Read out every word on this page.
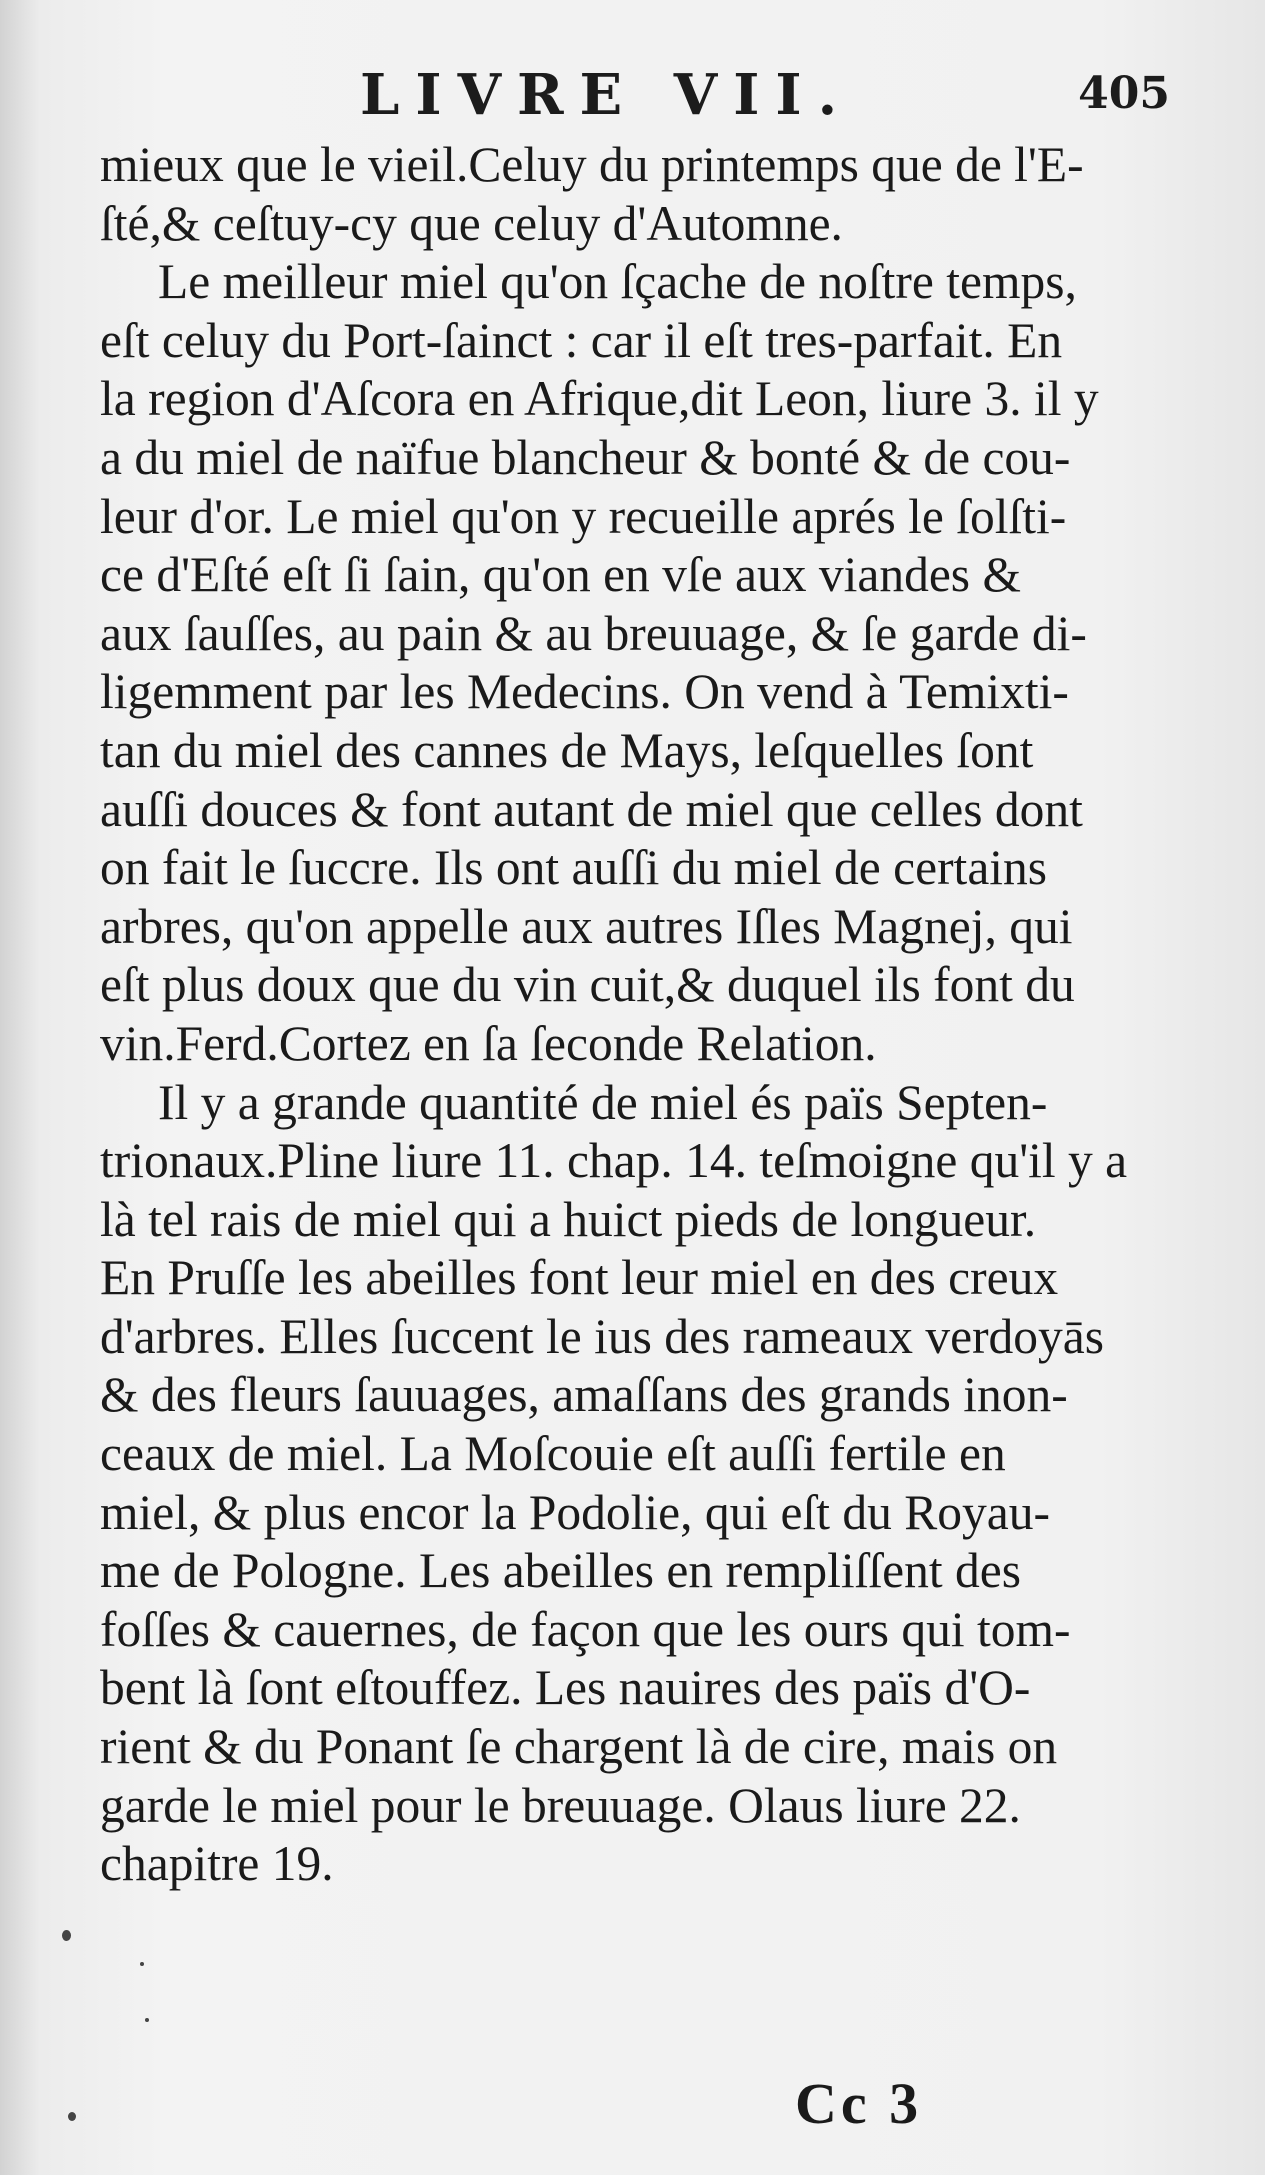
LIVRE VII.	405
mieux que le vieil.Celuy du printemps que de l'E-
ſté,& ceſtuy-cy que celuy d'Automne.
Le meilleur miel qu'on ſçache de noſtre temps,
eſt celuy du Port-ſainct : car il eſt tres-parfait. En
la region d'Aſcora en Afrique,dit Leon, liure 3. il y
a du miel de naïfue blancheur & bonté & de cou-
leur d'or. Le miel qu'on y recueille aprés le ſolſti-
ce d'Eſté eſt ſi ſain, qu'on en vſe aux viandes &
aux ſauſſes, au pain & au breuuage, & ſe garde di-
ligemment par les Medecins. On vend à Temixti-
tan du miel des cannes de Mays, leſquelles ſont
auſſi douces & font autant de miel que celles dont
on fait le ſuccre. Ils ont auſſi du miel de certains
arbres, qu'on appelle aux autres Iſles Magnej, qui
eſt plus doux que du vin cuit,& duquel ils font du
vin.Ferd.Cortez en ſa ſeconde Relation.
Il y a grande quantité de miel és païs Septen-
trionaux.Pline liure 11. chap. 14. teſmoigne qu'il y a
là tel rais de miel qui a huict pieds de longueur.
En Pruſſe les abeilles font leur miel en des creux
d'arbres. Elles ſuccent le ius des rameaux verdoyās
& des fleurs ſauuages, amaſſans des grands inon-
ceaux de miel. La Moſcouie eſt auſſi fertile en
miel, & plus encor la Podolie, qui eſt du Royau-
me de Pologne. Les abeilles en rempliſſent des
foſſes & cauernes, de façon que les ours qui tom-
bent là ſont eſtouffez. Les nauires des païs d'O-
rient & du Ponant ſe chargent là de cire, mais on
garde le miel pour le breuuage. Olaus liure 22.
chapitre 19.
Cc 3
